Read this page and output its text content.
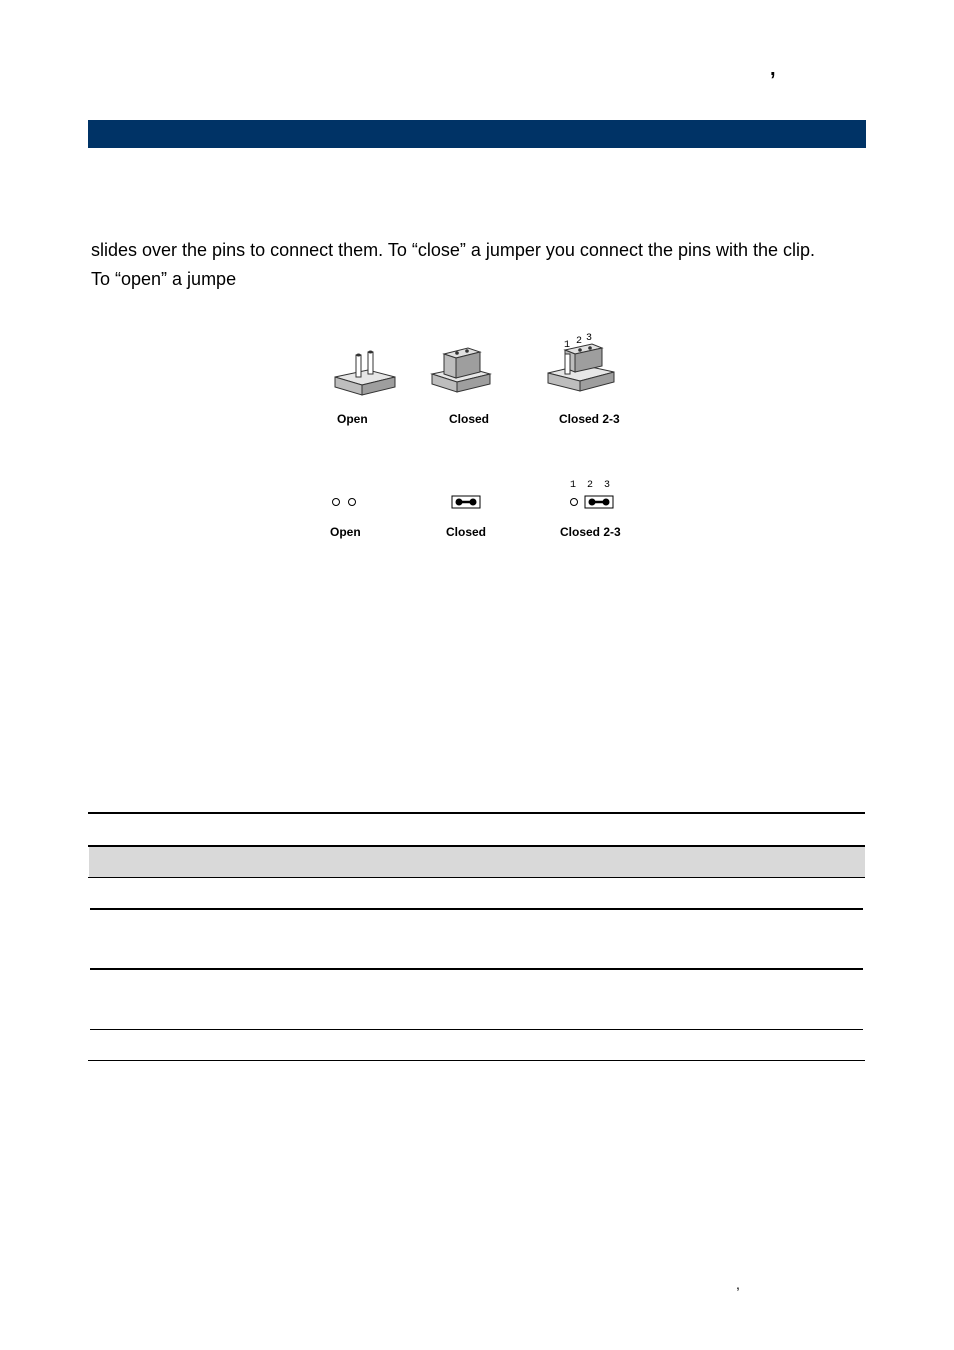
,
slides over the pins to connect them. To “close” a jumper you connect the pins with the clip.
To “open” a jumpe
1 2 3
Open	Closed	Closed 2-3
1 2 3
Open	Closed	Closed 2-3
,
